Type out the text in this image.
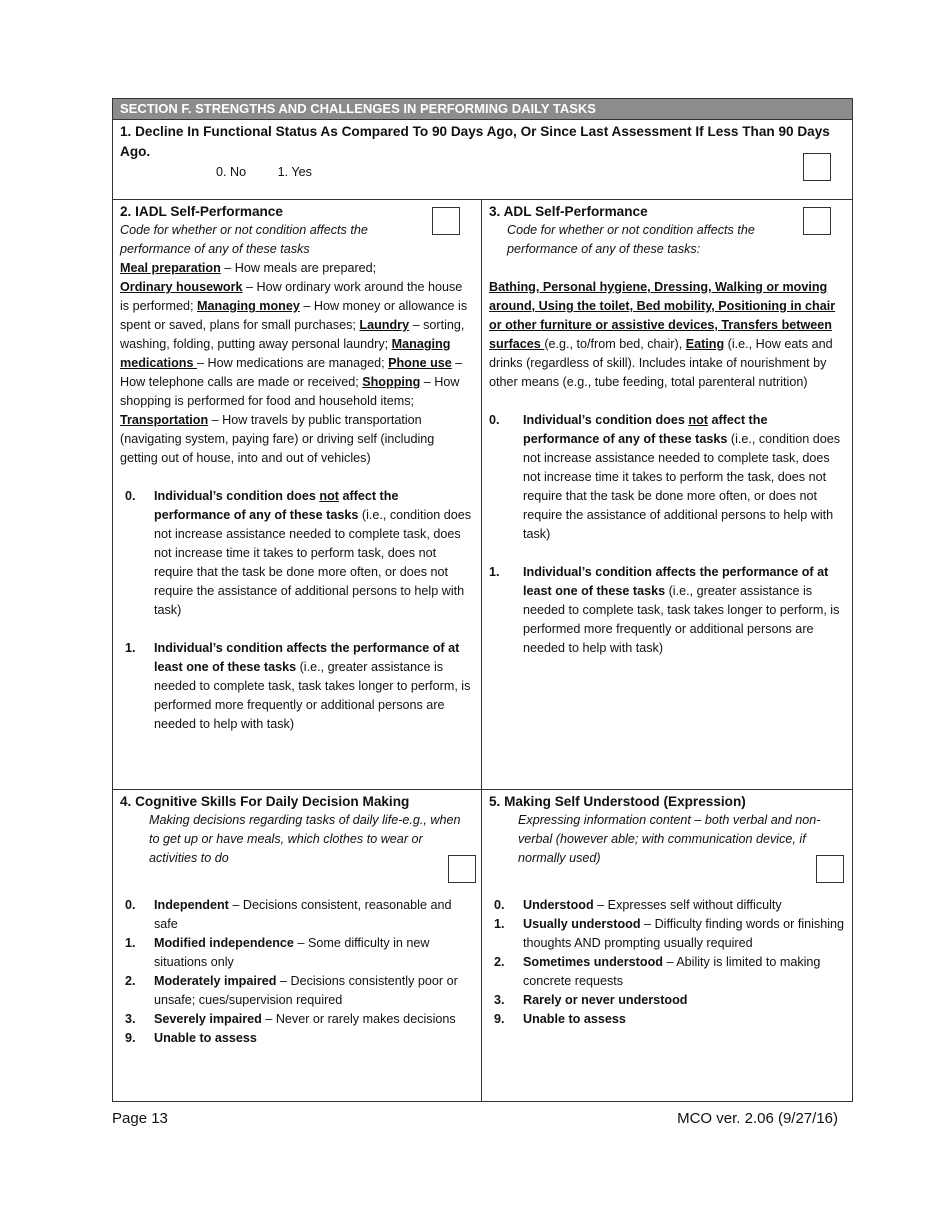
SECTION F. STRENGTHS AND CHALLENGES IN PERFORMING DAILY TASKS
1. Decline In Functional Status As Compared To 90 Days Ago, Or Since Last Assessment If Less Than 90 Days Ago.
0. No	1. Yes
2. IADL Self-Performance
Code for whether or not condition affects the
performance of any of these tasks
Meal preparation – How meals are prepared;
Ordinary housework – How ordinary work around the house is performed; Managing money – How money or allowance is spent or saved, plans for small purchases; Laundry – sorting, washing, folding, putting away personal laundry; Managing medications – How medications are managed; Phone use –How telephone calls are made or received; Shopping – How shopping is performed for food and household items;
Transportation – How travels by public transportation (navigating system, paying fare) or driving self (including getting out of house, into and out of vehicles)
0. Individual’s condition does not affect the performance of any of these tasks (i.e., condition does not increase assistance needed to complete task, does not increase time it takes to perform task, does not require that the task be done more often, or does not require the assistance of additional persons to help with task)
1. Individual’s condition affects the performance of at least one of these tasks (i.e., greater assistance is needed to complete task, task takes longer to perform, is performed more frequently or additional persons are needed to help with task)
3. ADL Self-Performance
Code for whether or not condition affects the
performance of any of these tasks:
Bathing, Personal hygiene, Dressing, Walking or moving around, Using the toilet, Bed mobility, Positioning in chair or other furniture or assistive devices, Transfers between surfaces (e.g., to/from bed, chair), Eating (i.e., How eats and drinks (regardless of skill). Includes intake of nourishment by other means (e.g., tube feeding, total parenteral nutrition)
0. Individual’s condition does not affect the performance of any of these tasks (i.e., condition does not increase assistance needed to complete task, does not increase time it takes to perform the task, does not require that the task be done more often, or does not require the assistance of additional persons to help with task)
1. Individual’s condition affects the performance of at least one of these tasks (i.e., greater assistance is needed to complete task, task takes longer to perform, is performed more frequently or additional persons are needed to help with task)
4. Cognitive Skills For Daily Decision Making
Making decisions regarding tasks of daily life-e.g., when to get up or have meals, which clothes to wear or activities to do
0. Independent – Decisions consistent, reasonable and safe
1. Modified independence – Some difficulty in new situations only
2. Moderately impaired – Decisions consistently poor or unsafe; cues/supervision required
3. Severely impaired – Never or rarely makes decisions
9. Unable to assess
5. Making Self Understood (Expression)
Expressing information content – both verbal and non-verbal (however able; with communication device, if normally used)
0. Understood – Expresses self without difficulty
1. Usually understood – Difficulty finding words or finishing thoughts AND prompting usually required
2. Sometimes understood – Ability is limited to making concrete requests
3. Rarely or never understood
9. Unable to assess
Page 13	MCO ver. 2.06 (9/27/16)
